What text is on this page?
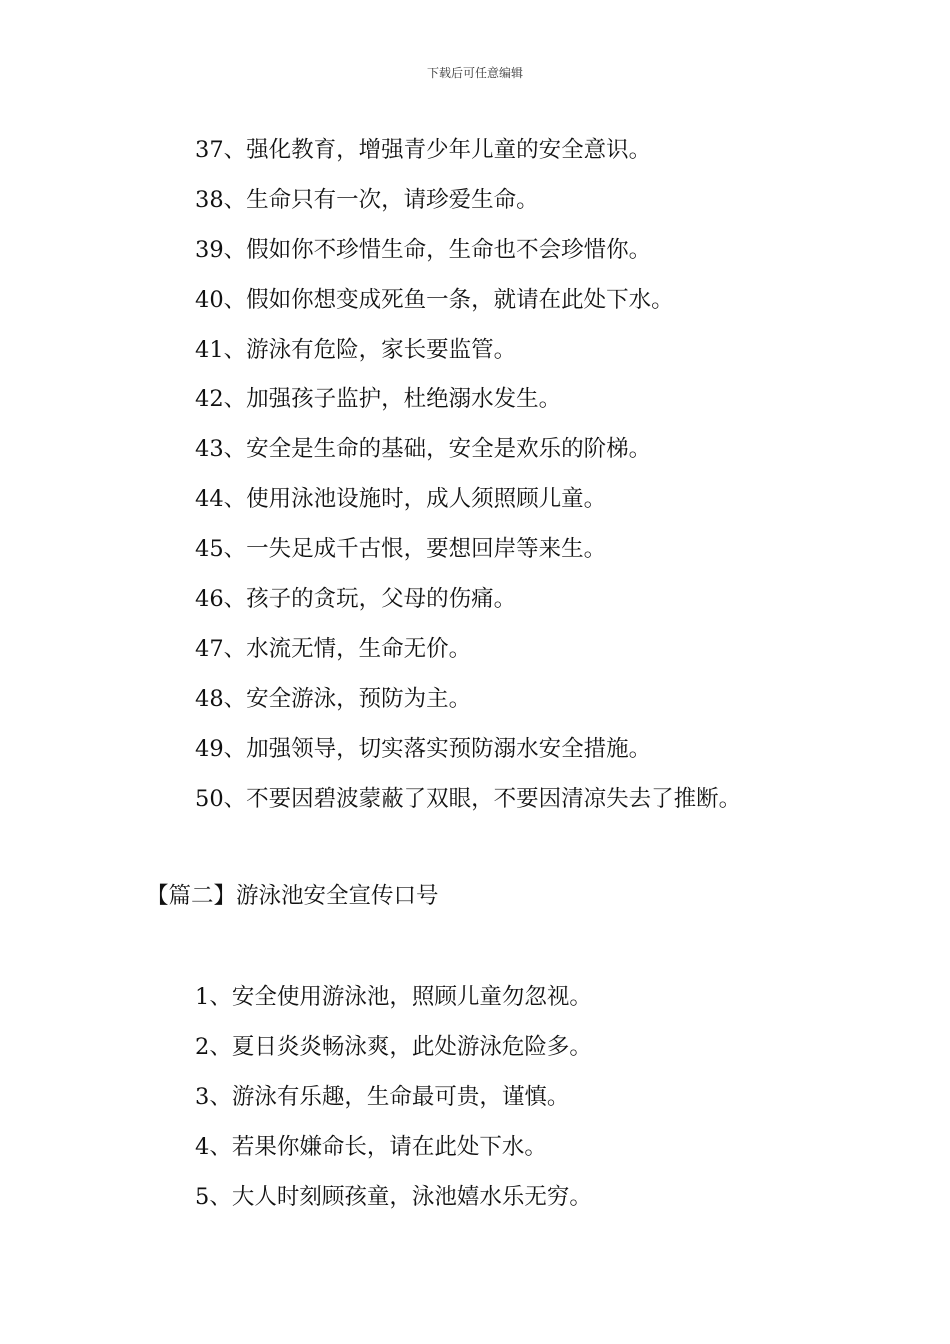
下载后可任意编辑
37、强化教育，增强青少年儿童的安全意识。
38、生命只有一次，请珍爱生命。
39、假如你不珍惜生命，生命也不会珍惜你。
40、假如你想变成死鱼一条，就请在此处下水。
41、游泳有危险，家长要监管。
42、加强孩子监护，杜绝溺水发生。
43、安全是生命的基础，安全是欢乐的阶梯。
44、使用泳池设施时，成人须照顾儿童。
45、一失足成千古恨，要想回岸等来生。
46、孩子的贪玩，父母的伤痛。
47、水流无情，生命无价。
48、安全游泳，预防为主。
49、加强领导，切实落实预防溺水安全措施。
50、不要因碧波蒙蔽了双眼，不要因清凉失去了推断。
【篇二】游泳池安全宣传口号
1、安全使用游泳池，照顾儿童勿忽视。
2、夏日炎炎畅泳爽，此处游泳危险多。
3、游泳有乐趣，生命最可贵，谨慎。
4、若果你嫌命长，请在此处下水。
5、大人时刻顾孩童，泳池嬉水乐无穷。
